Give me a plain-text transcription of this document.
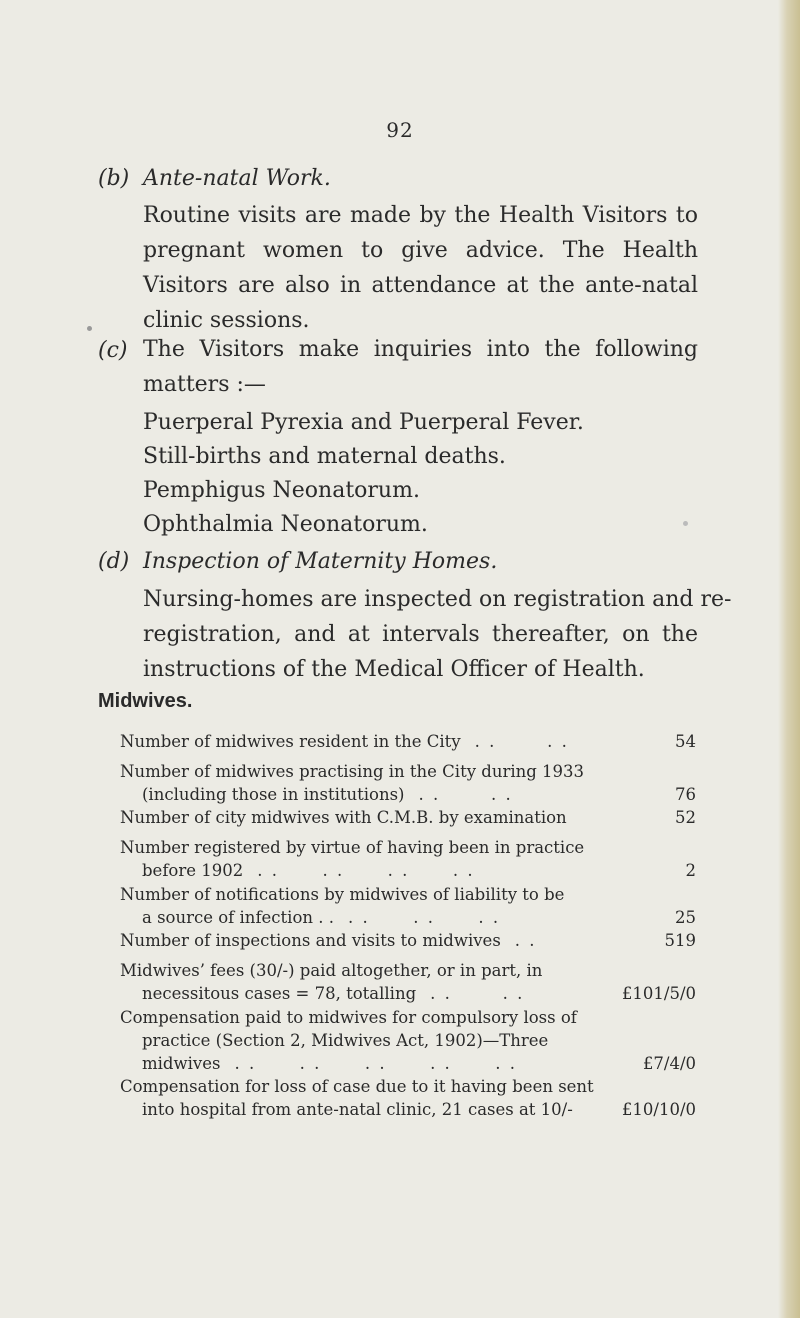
92
(b) Ante-natal Work.
Routine visits are made by the Health Visitors to
pregnant women to give advice. The Health
Visitors are also in attendance at the ante-natal
clinic sessions.
(c) The Visitors make inquiries into the following
matters :—
Puerperal Pyrexia and Puerperal Fever.
Still-births and maternal deaths.
Pemphigus Neonatorum.
Ophthalmia Neonatorum.
(d) Inspection of Maternity Homes.
Nursing-homes are inspected on registration and re-
registration, and at intervals thereafter, on the
instructions of the Medical Officer of Health.
Midwives.
Number of midwives resident in the City . .       . .	54
Number of midwives practising in the City during 1933
(including those in institutions) . .       . .	76
Number of city midwives with C.M.B. by examination	52
Number registered by virtue of having been in practice
before 1902 . .      . .      . .      . .	2
Number of notifications by midwives of liability to be
a source of infection . . . .      . .      . .	25
Number of inspections and visits to midwives . .	519
Midwives’ fees (30/-) paid altogether, or in part, in
necessitous cases = 78, totalling . .       . .	£101/5/0
Compensation paid to midwives for compulsory loss of
practice (Section 2, Midwives Act, 1902)—Three
midwives . .      . .      . .      . .      . .	£7/4/0
Compensation for loss of case due to it having been sent
into hospital from ante-natal clinic, 21 cases at 10/-	£10/10/0
